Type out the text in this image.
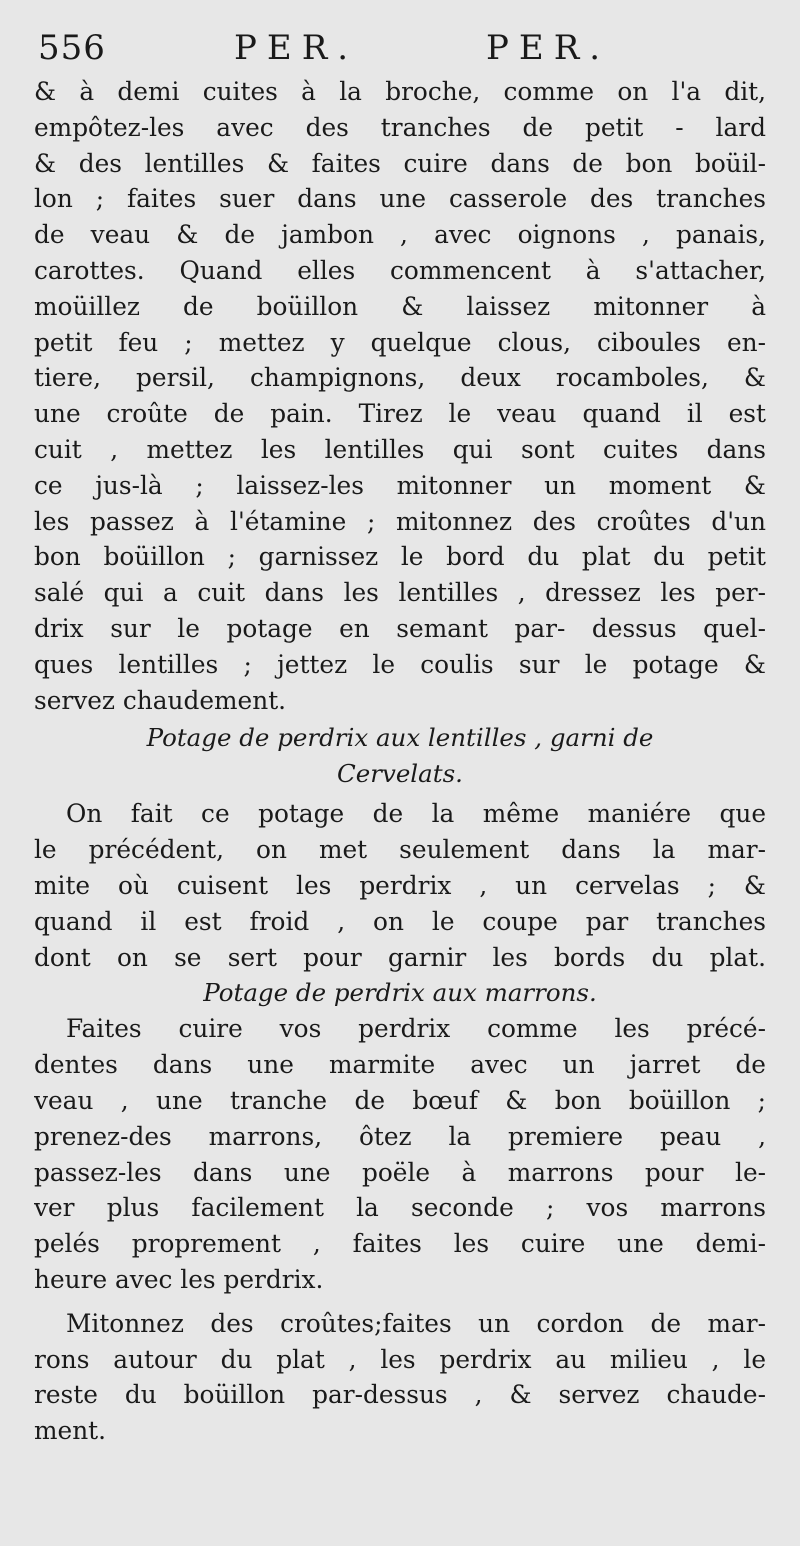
556	PER.	PER.
& à demi cuites à la broche, comme on l'a dit,
empôtez-les avec des tranches de petit - lard
& des lentilles & faites cuire dans de bon boüil-
lon ; faites suer dans une casserole des tranches
de veau & de jambon , avec oignons , panais,
carottes. Quand elles commencent à s'attacher,
moüillez de boüillon & laissez mitonner à
petit feu ; mettez y quelque clous, ciboules en-
tiere, persil, champignons, deux rocamboles, &
une croûte de pain. Tirez le veau quand il est
cuit , mettez les lentilles qui sont cuites dans
ce jus-là ; laissez-les mitonner un moment &
les passez à l'étamine ; mitonnez des croûtes d'un
bon boüillon ; garnissez le bord du plat du petit
salé qui a cuit dans les lentilles , dressez les per-
drix sur le potage en semant par- dessus quel-
ques lentilles ; jettez le coulis sur le potage &
servez chaudement.
Potage de perdrix aux lentilles , garni de
Cervelats.
On fait ce potage de la même maniére que
le précédent, on met seulement dans la mar-
mite où cuisent les perdrix , un cervelas ; &
quand il est froid , on le coupe par tranches
dont on se sert pour garnir les bords du plat.
Potage de perdrix aux marrons.
Faites cuire vos perdrix comme les précé-
dentes dans une marmite avec un jarret de
veau , une tranche de bœuf & bon boüillon ;
prenez-des marrons, ôtez la premiere peau ,
passez-les dans une poële à marrons pour le-
ver plus facilement la seconde ; vos marrons
pelés proprement , faites les cuire une demi-
heure avec les perdrix.
Mitonnez des croûtes;faites un cordon de mar-
rons autour du plat , les perdrix au milieu , le
reste du boüillon par-dessus , & servez chaude-
ment.
